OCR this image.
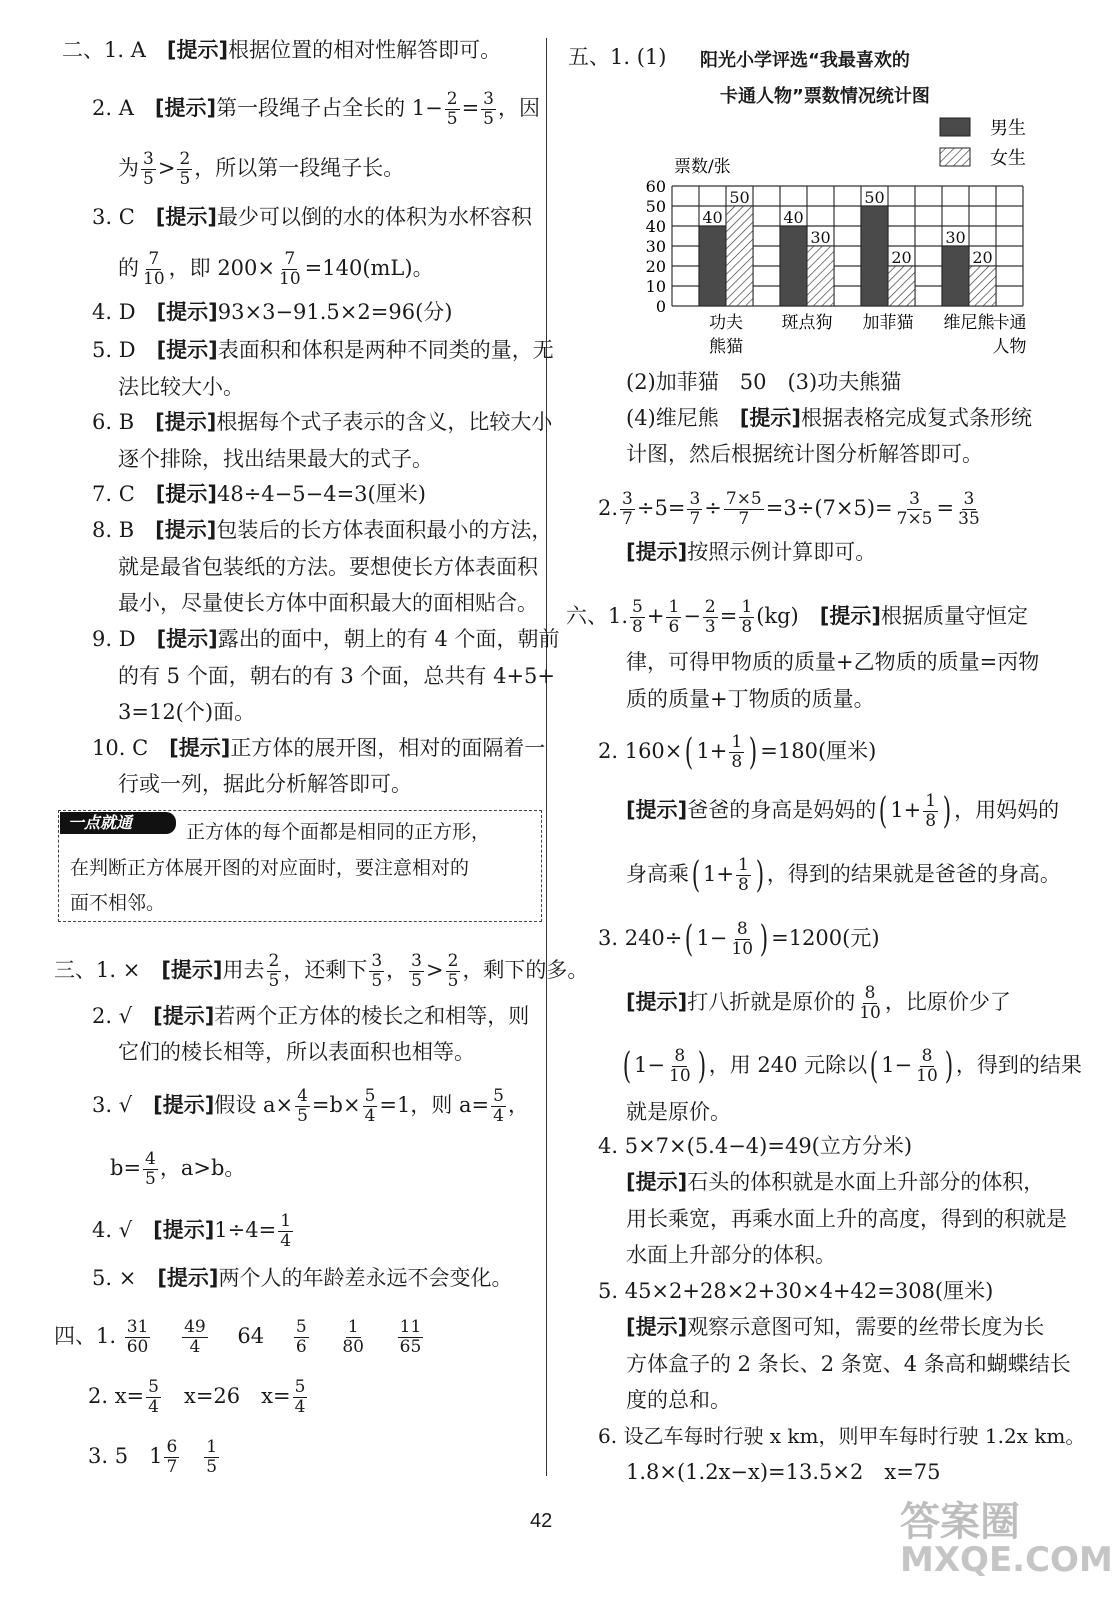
二、1. A　 [提示]根据位置的相对性解答即可。
2. A　 [提示]第一段绳子占全长的 $1- \frac{2}{5} = \frac{3}{5}$ ，因
为 $\frac{3}{5} > \frac{2}{5}$ ，所以第一段绳子长。
3. C　 [提示]最少可以倒的水的体积为水杯容积
的 $\frac{7}{10}$ ，即 $200\times \frac{7}{10} =140(mL)$。
4. D　 [提示]93×3−91.5×2=96(分)
5. D　 [提示]表面积和体积是两种不同类的量，无
法比较大小。
6. B　 [提示]根据每个式子表示的含义，比较大小
逐个排除，找出结果最大的式子。
7. C　 [提示]48÷4−5−4=3(厘米)
8. B　 [提示]包装后的长方体表面积最小的方法，
就是最省包装纸的方法。要想使长方体表面积
最小，尽量使长方体中面积最大的面相贴合。
9. D　 [提示]露出的面中，朝上的有 4 个面，朝前
的有 5 个面，朝右的有 3 个面，总共有 4+5+
3=12(个)面。
10. C　 [提示]正方体的展开图，相对的面隔着一
行或一列，据此分析解答即可。
一点就通	正方体的每个面都是相同的正方形，
在判断正方体展开图的对应面时，要注意相对的
面不相邻。
三、1. ×　 [提示]用去 $\frac{2}{5}$ ，还剩下 $\frac{3}{5}$ ， $\frac{3}{5} > \frac{2}{5}$ ，剩下的多。
2. √　 [提示]若两个正方体的棱长之和相等，则
它们的棱长相等，所以表面积也相等。
3. √　 [提示]假设 $a\times \frac{4}{5} =b\times \frac{5}{4} =1$，则 $a= \frac{5}{4}$ ，
$b= \frac{4}{5}$ ，a>b。
4. √　 [提示]$1\div 4= \frac{1}{4}$
5. ×　 [提示]两个人的年龄差永远不会变化。
四、1. $\frac{31}{60}$
　 $\frac{49}{4}$
　 64　 $\frac{5}{6}$
　 $\frac{1}{80}$
　 $\frac{11}{65}$
2. $x= \frac{5}{4}$
　 x=26　 $x= \frac{5}{4}$
3. 5　 $1 \frac{6}{7}$
　 $\frac{1}{5}$
五、1. (1) 阳光小学评选“我最喜欢的
卡通人物”票数情况统计图
0
10
20
30
40
50
60
票数/张
40
50
40
30
50
20
30
20
功夫
熊猫
斑点狗 加菲猫 维尼熊
卡通
人物
男生
女生
(2)加菲猫　50　(3)功夫熊猫
(4)维尼熊　 [提示]根据表格完成复式条形统
计图，然后根据统计图分析解答即可。
2. $\frac{3}{7} \div 5= \frac{3}{7} \div \frac{7\times 5}{7} =3\div(7\times 5)= \frac{3}{7\times 5} = \frac{3}{35}$
[提示]按照示例计算即可。
六、1. $\frac{5}{8} + \frac{1}{6} - \frac{2}{3} = \frac{1}{8} (kg)$　 [提示]根据质量守恒定
律，可得甲物质的质量+乙物质的质量=丙物
质的质量+丁物质的质量。
2. 160×( $1+ \frac{1}{8}$ ) =180(厘米)
[提示]爸爸的身高是妈妈的( $1+ \frac{1}{8}$ ) ，用妈妈的
身高乘( $1+ \frac{1}{8}$ ) ，得到的结果就是爸爸的身高。
3. 240÷( $1- \frac{8}{10}$ ) =1200(元)
[提示]打八折就是原价的 $\frac{8}{10}$ ，比原价少了
( $1- \frac{8}{10}$ ) ，用 240 元除以( $1- \frac{8}{10}$ ) ，得到的结果
就是原价。
4. 5×7×(5.4−4)=49(立方分米)
[提示]石头的体积就是水面上升部分的体积，
用长乘宽，再乘水面上升的高度，得到的积就是
水面上升部分的体积。
5. 45×2+28×2+30×4+42=308(厘米)
[提示]观察示意图可知，需要的丝带长度为长
方体盒子的 2 条长、2 条宽、4 条高和蝴蝶结长
度的总和。
6. 设乙车每时行驶 x km，则甲车每时行驶 1.2x km。
1.8×(1.2x−x)=13.5×2　x=75
42	答案圈
MXQE.COM
